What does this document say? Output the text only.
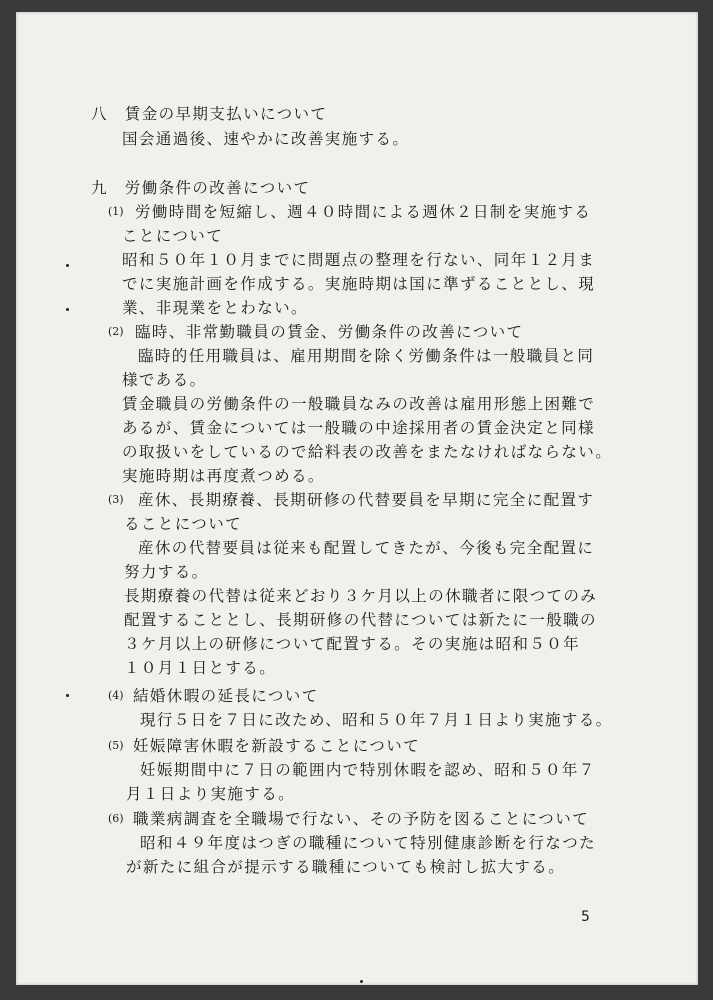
八　賃金の早期支払いについて
国会通過後、速やかに改善実施する。
九　労働条件の改善について
(1) 労働時間を短縮し、週４０時間による週休２日制を実施する
ことについて
昭和５０年１０月までに問題点の整理を行ない、同年１２月ま
でに実施計画を作成する。実施時期は国に準ずることとし、現
業、非現業をとわない。
(2) 臨時、非常勤職員の賃金、労働条件の改善について
臨時的任用職員は、雇用期間を除く労働条件は一般職員と同
様である。
賃金職員の労働条件の一般職員なみの改善は雇用形態上困難で
あるが、賃金については一般職の中途採用者の賃金決定と同様
の取扱いをしているので給料表の改善をまたなければならない。
実施時期は再度煮つめる。
(3) 産休、長期療養、長期研修の代替要員を早期に完全に配置す
ることについて
産休の代替要員は従来も配置してきたが、今後も完全配置に
努力する。
長期療養の代替は従来どおり３ケ月以上の休職者に限つてのみ
配置することとし、長期研修の代替については新たに一般職の
３ケ月以上の研修について配置する。その実施は昭和５０年
１０月１日とする。
(4) 結婚休暇の延長について
現行５日を７日に改ため、昭和５０年７月１日より実施する。
(5) 妊娠障害休暇を新設することについて
妊娠期間中に７日の範囲内で特別休暇を認め、昭和５０年７
月１日より実施する。
(6) 職業病調査を全職場で行ない、その予防を図ることについて
昭和４９年度はつぎの職種について特別健康診断を行なつた
が新たに組合が提示する職種についても検討し拡大する。
5
